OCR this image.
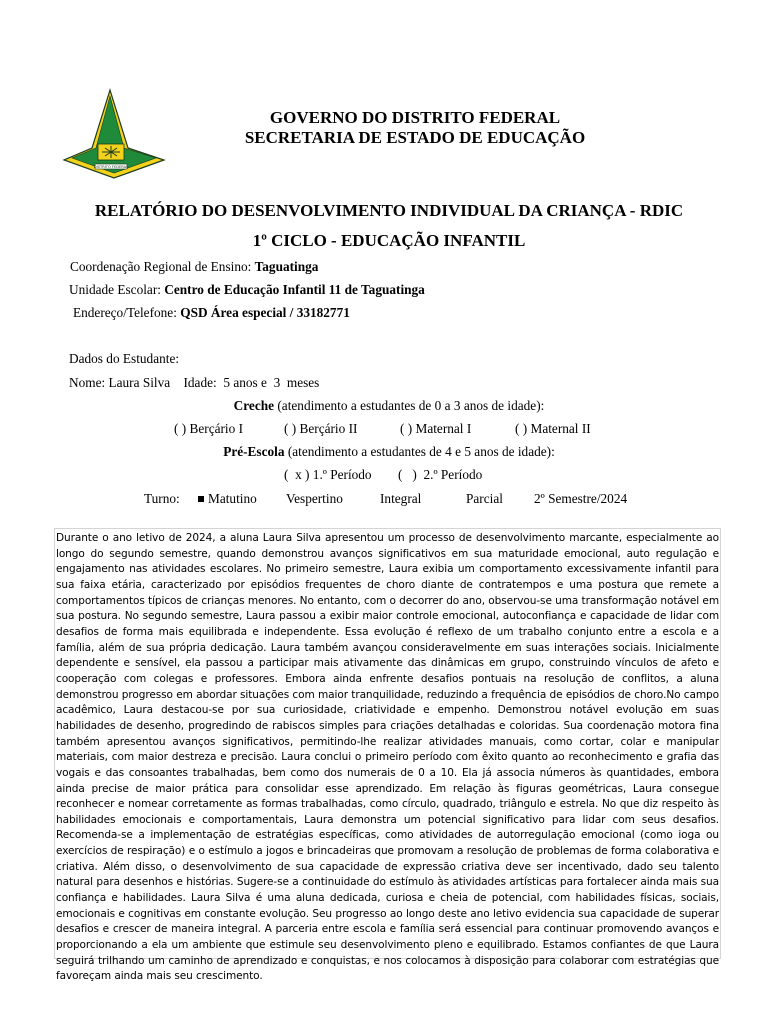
DISTRITO FEDERAL
GOVERNO DO DISTRITO FEDERAL
SECRETARIA DE ESTADO DE EDUCAÇÃO
RELATÓRIO DO DESENVOLVIMENTO INDIVIDUAL DA CRIANÇA - RDIC
1º CICLO - EDUCAÇÃO INFANTIL
Coordenação Regional de Ensino: Taguatinga
Unidade Escolar: Centro de Educação Infantil 11 de Taguatinga
Endereço/Telefone: QSD Área especial / 33182771
Dados do Estudante:
Nome: Laura Silva    Idade:  5 anos e  3  meses
Creche (atendimento a estudantes de 0 a 3 anos de idade):
( ) Berçário I	( ) Berçário II	( ) Maternal I	( ) Maternal II
Pré-Escola (atendimento a estudantes de 4 e 5 anos de idade):
(  x ) 1.º Período (   )  2.º Período
Turno:	Matutino Vespertino	Integral	Parcial 2º Semestre/2024
Durante o ano letivo de 2024, a aluna Laura Silva apresentou um processo de desenvolvimento marcante, especialmente ao longo do segundo semestre, quando demonstrou avanços significativos em sua maturidade emocional, auto regulação e engajamento nas atividades escolares. No primeiro semestre, Laura exibia um comportamento excessivamente infantil para sua faixa etária, caracterizado por episódios frequentes de choro diante de contratempos e uma postura que remete a comportamentos típicos de crianças menores. No entanto, com o decorrer do ano, observou-se uma transformação notável em sua postura. No segundo semestre, Laura passou a exibir maior controle emocional, autoconfiança e capacidade de lidar com desafios de forma mais equilibrada e independente. Essa evolução é reflexo de um trabalho conjunto entre a escola e a família, além de sua própria dedicação. Laura também avançou consideravelmente em suas interações sociais. Inicialmente dependente e sensível, ela passou a participar mais ativamente das dinâmicas em grupo, construindo vínculos de afeto e cooperação com colegas e professores. Embora ainda enfrente desafios pontuais na resolução de conflitos, a aluna demonstrou progresso em abordar situações com maior tranquilidade, reduzindo a frequência de episódios de choro.No campo acadêmico, Laura destacou-se por sua curiosidade, criatividade e empenho. Demonstrou notável evolução em suas habilidades de desenho, progredindo de rabiscos simples para criações detalhadas e coloridas. Sua coordenação motora fina também apresentou avanços significativos, permitindo-lhe realizar atividades manuais, como cortar, colar e manipular materiais, com maior destreza e precisão. Laura conclui o primeiro período com êxito quanto ao reconhecimento e grafia das vogais e das consoantes trabalhadas, bem como dos numerais de 0 a 10. Ela já associa números às quantidades, embora ainda precise de maior prática para consolidar esse aprendizado. Em relação às figuras geométricas, Laura consegue reconhecer e nomear corretamente as formas trabalhadas, como círculo, quadrado, triângulo e estrela. No que diz respeito às habilidades emocionais e comportamentais, Laura demonstra um potencial significativo para lidar com seus desafios. Recomenda-se a implementação de estratégias específicas, como atividades de autorregulação emocional (como ioga ou exercícios de respiração) e o estímulo a jogos e brincadeiras que promovam a resolução de problemas de forma colaborativa e criativa. Além disso, o desenvolvimento de sua capacidade de expressão criativa deve ser incentivado, dado seu talento natural para desenhos e histórias. Sugere-se a continuidade do estímulo às atividades artísticas para fortalecer ainda mais sua confiança e habilidades. Laura Silva é uma aluna dedicada, curiosa e cheia de potencial, com habilidades físicas, sociais, emocionais e cognitivas em constante evolução. Seu progresso ao longo deste ano letivo evidencia sua capacidade de superar desafios e crescer de maneira integral. A parceria entre escola e família será essencial para continuar promovendo avanços e proporcionando a ela um ambiente que estimule seu desenvolvimento pleno e equilibrado. Estamos confiantes de que Laura seguirá trilhando um caminho de aprendizado e conquistas, e nos colocamos à disposição para colaborar com estratégias que favoreçam ainda mais seu crescimento.
